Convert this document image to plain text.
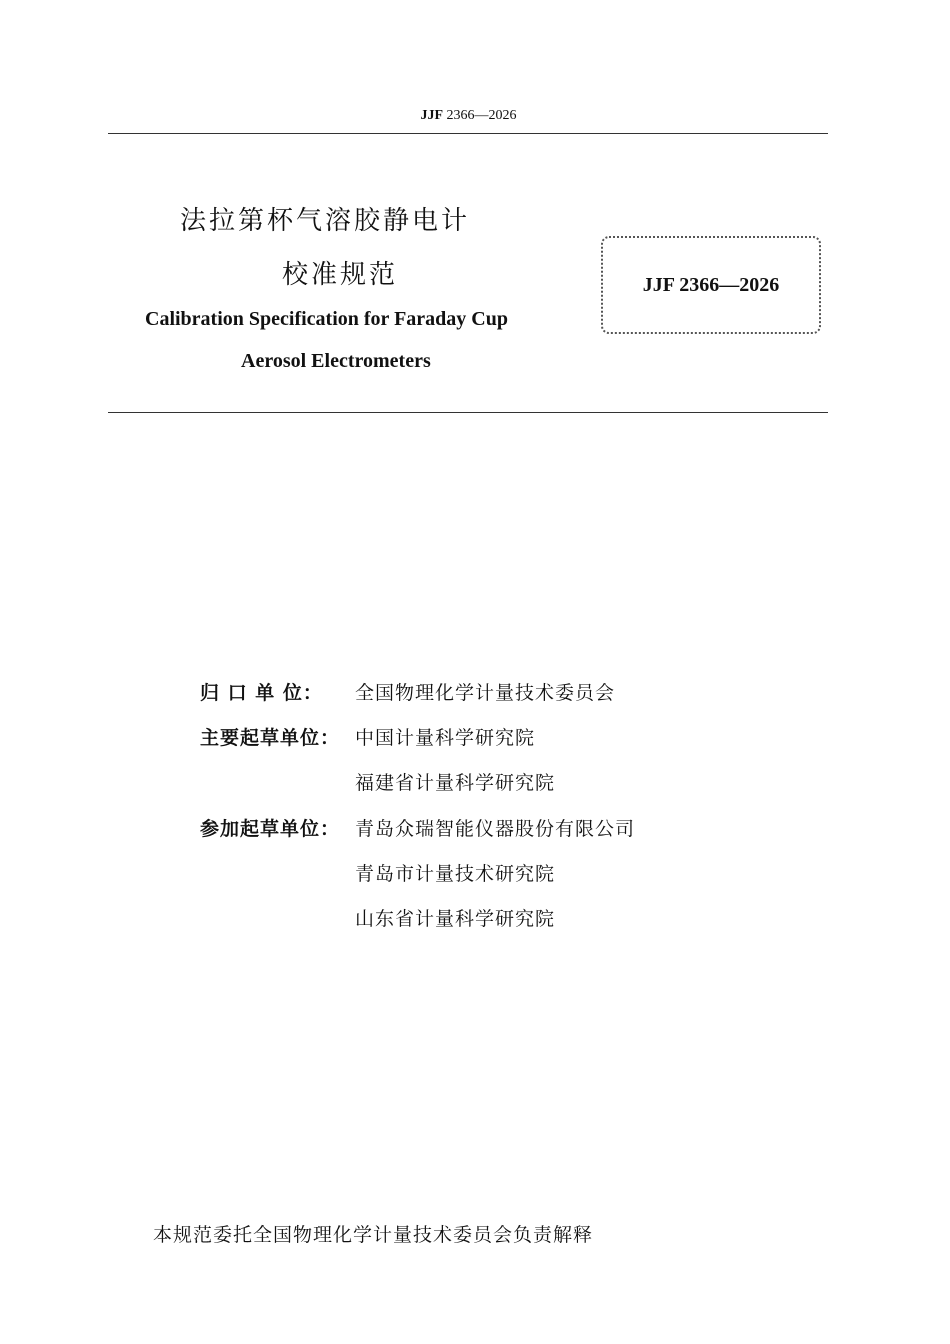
JJF 2366—2026
法拉第杯气溶胶静电计
校准规范
Calibration Specification for Faraday Cup
Aerosol Electrometers
JJF 2366—2026
归 口 单 位：	全国物理化学计量技术委员会
主要起草单位： 中国计量科学研究院
福建省计量科学研究院
参加起草单位： 青岛众瑞智能仪器股份有限公司
青岛市计量技术研究院
山东省计量科学研究院
本规范委托全国物理化学计量技术委员会负责解释
